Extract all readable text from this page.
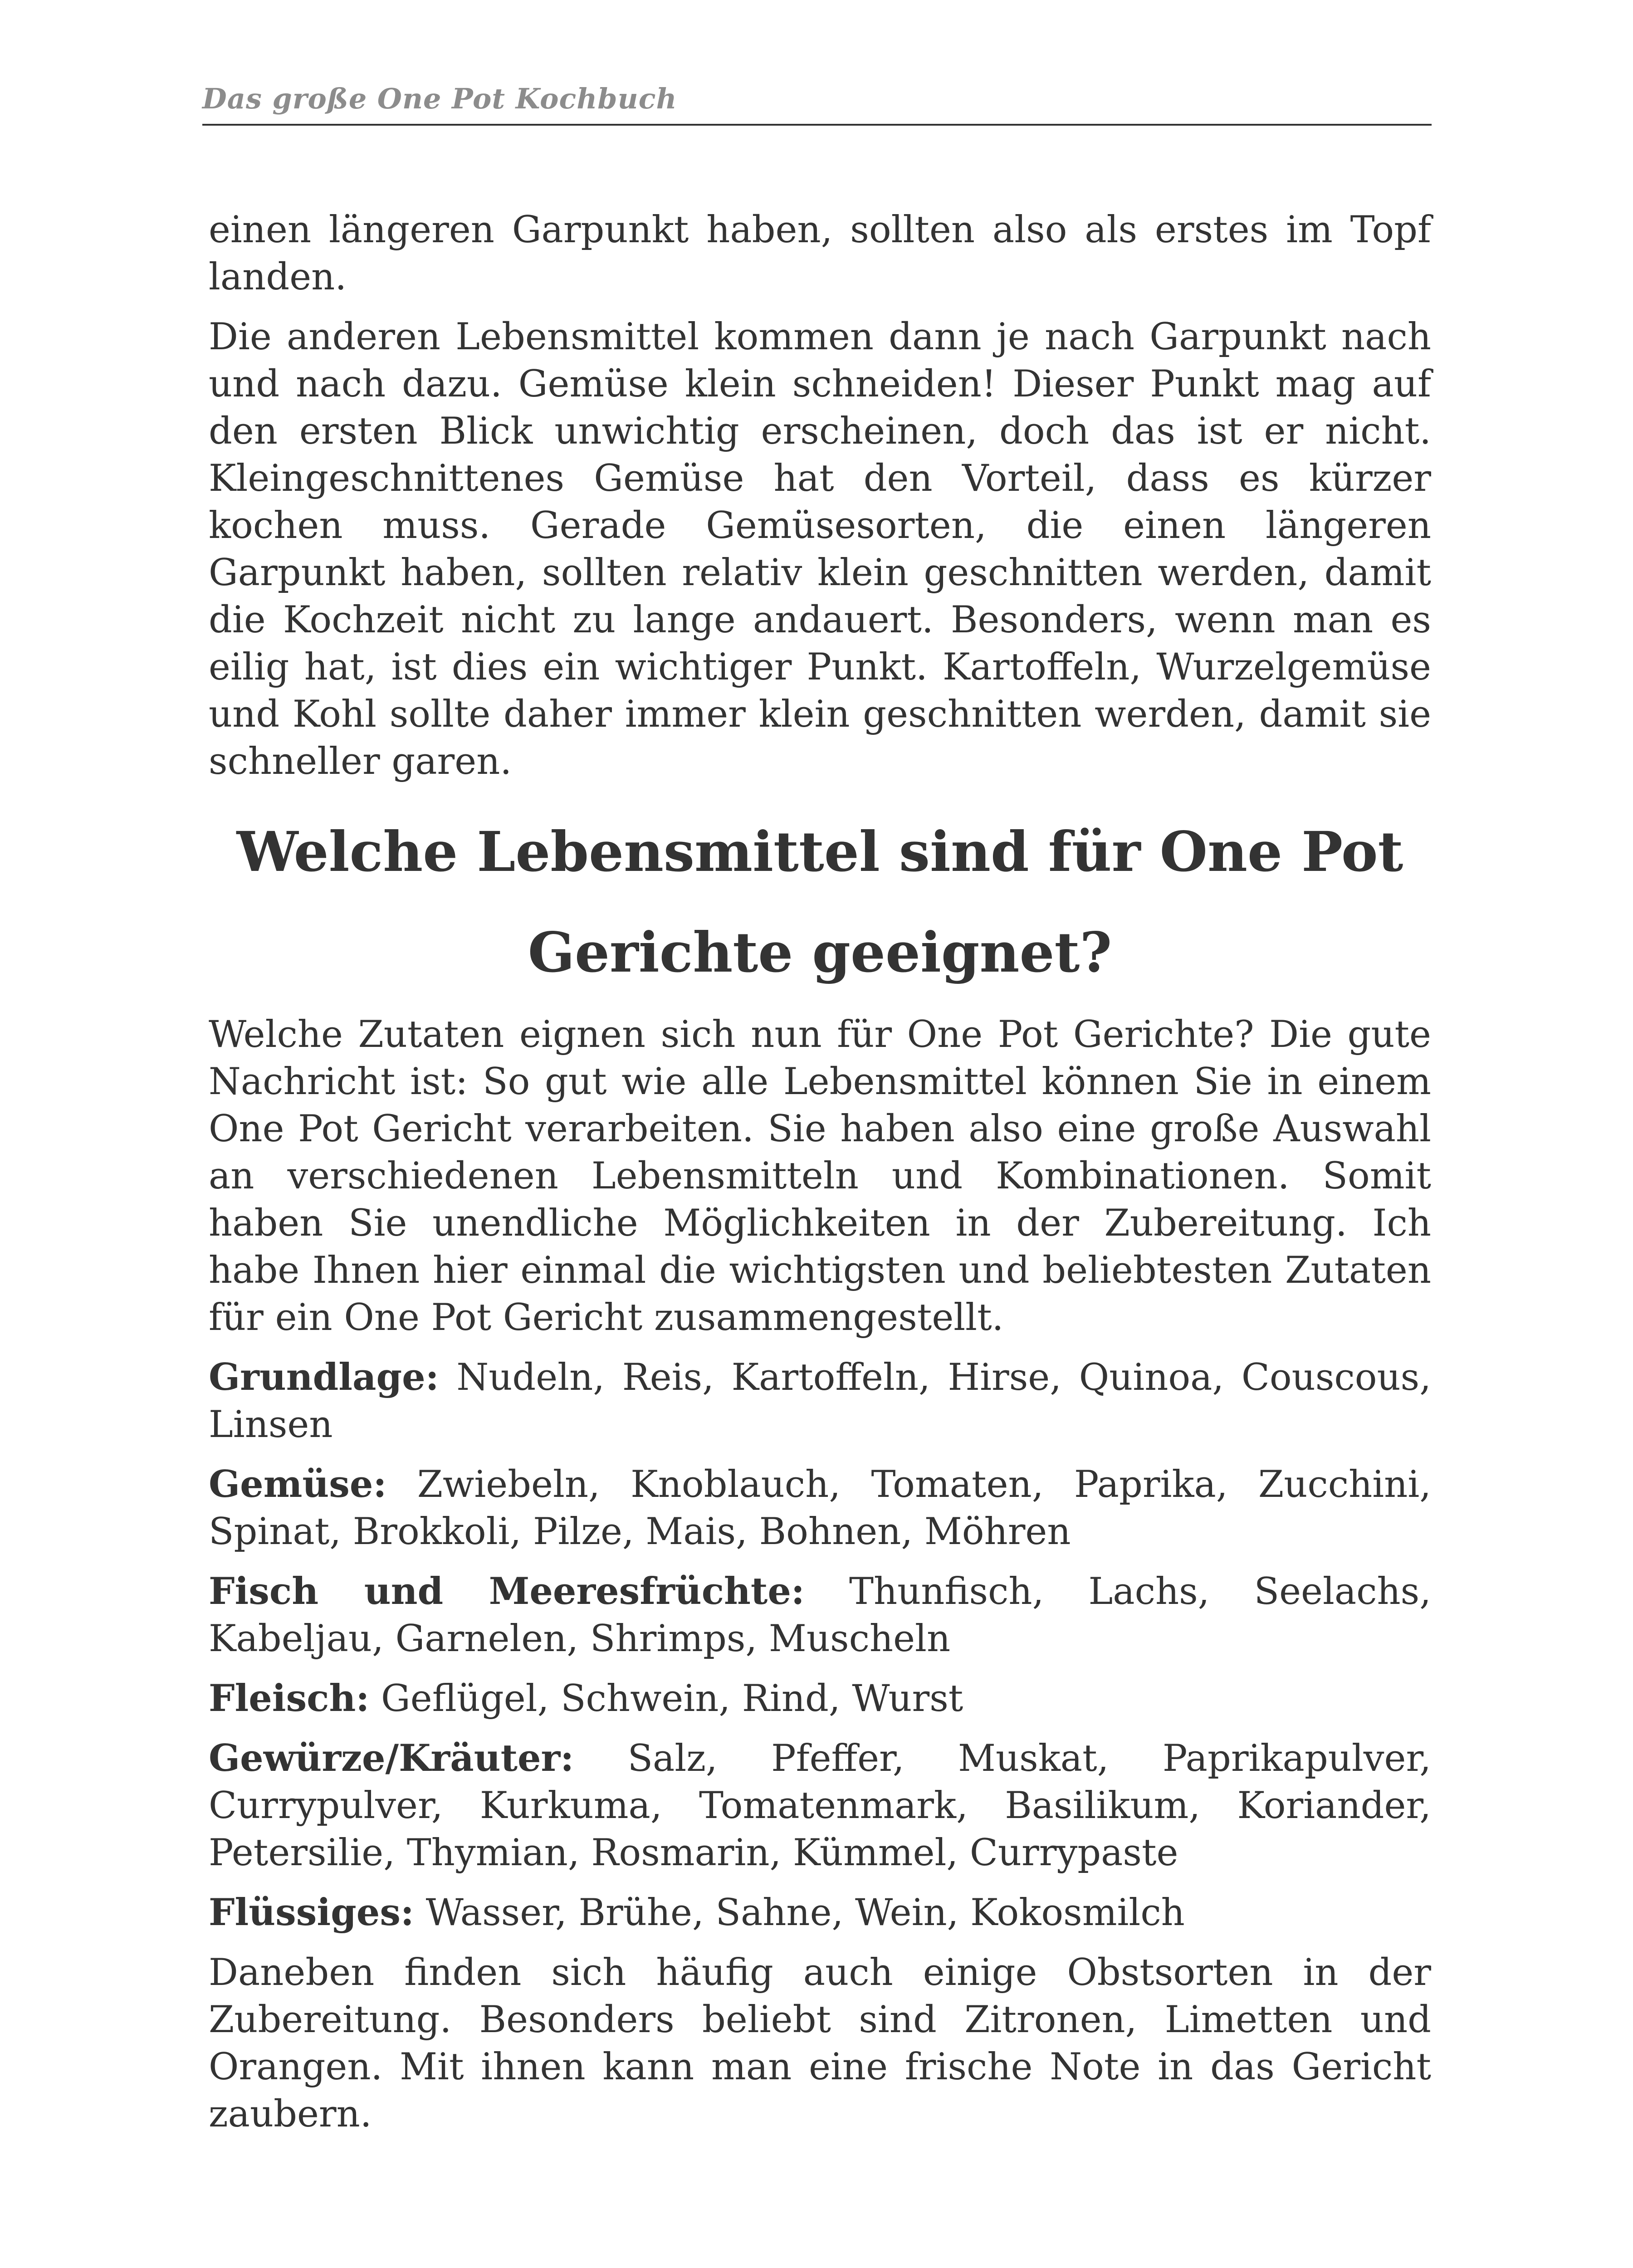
Das große One Pot Kochbuch

einen längeren Garpunkt haben, sollten also als erstes im Topf landen.

Die anderen Lebensmittel kommen dann je nach Garpunkt nach und nach dazu. Gemüse klein schneiden! Dieser Punkt mag auf den ersten Blick unwichtig erscheinen, doch das ist er nicht. Kleingeschnittenes Gemüse hat den Vorteil, dass es kürzer kochen muss. Gerade Gemüsesorten, die einen längeren Garpunkt haben, sollten relativ klein geschnitten werden, damit die Kochzeit nicht zu lange andauert. Besonders, wenn man es eilig hat, ist dies ein wichtiger Punkt. Kartoffeln, Wurzelgemüse und Kohl sollte daher immer klein geschnitten werden, damit sie schneller garen.

Welche Lebensmittel sind für One Pot Gerichte geeignet?

Welche Zutaten eignen sich nun für One Pot Gerichte? Die gute Nachricht ist: So gut wie alle Lebensmittel können Sie in einem One Pot Gericht verarbeiten. Sie haben also eine große Auswahl an verschiedenen Lebensmitteln und Kombinationen. Somit haben Sie unendliche Möglichkeiten in der Zubereitung. Ich habe Ihnen hier einmal die wichtigsten und beliebtesten Zutaten für ein One Pot Gericht zusammengestellt.

Grundlage: Nudeln, Reis, Kartoffeln, Hirse, Quinoa, Couscous, Linsen

Gemüse: Zwiebeln, Knoblauch, Tomaten, Paprika, Zucchini, Spinat, Brokkoli, Pilze, Mais, Bohnen, Möhren

Fisch und Meeresfrüchte: Thunfisch, Lachs, Seelachs, Kabeljau, Garnelen, Shrimps, Muscheln

Fleisch: Geflügel, Schwein, Rind, Wurst

Gewürze/Kräuter: Salz, Pfeffer, Muskat, Paprikapulver, Currypulver, Kurkuma, Tomatenmark, Basilikum, Koriander, Petersilie, Thymian, Rosmarin, Kümmel, Currypaste

Flüssiges: Wasser, Brühe, Sahne, Wein, Kokosmilch

Daneben finden sich häufig auch einige Obstsorten in der Zubereitung. Besonders beliebt sind Zitronen, Limetten und Orangen. Mit ihnen kann man eine frische Note in das Gericht zaubern.
